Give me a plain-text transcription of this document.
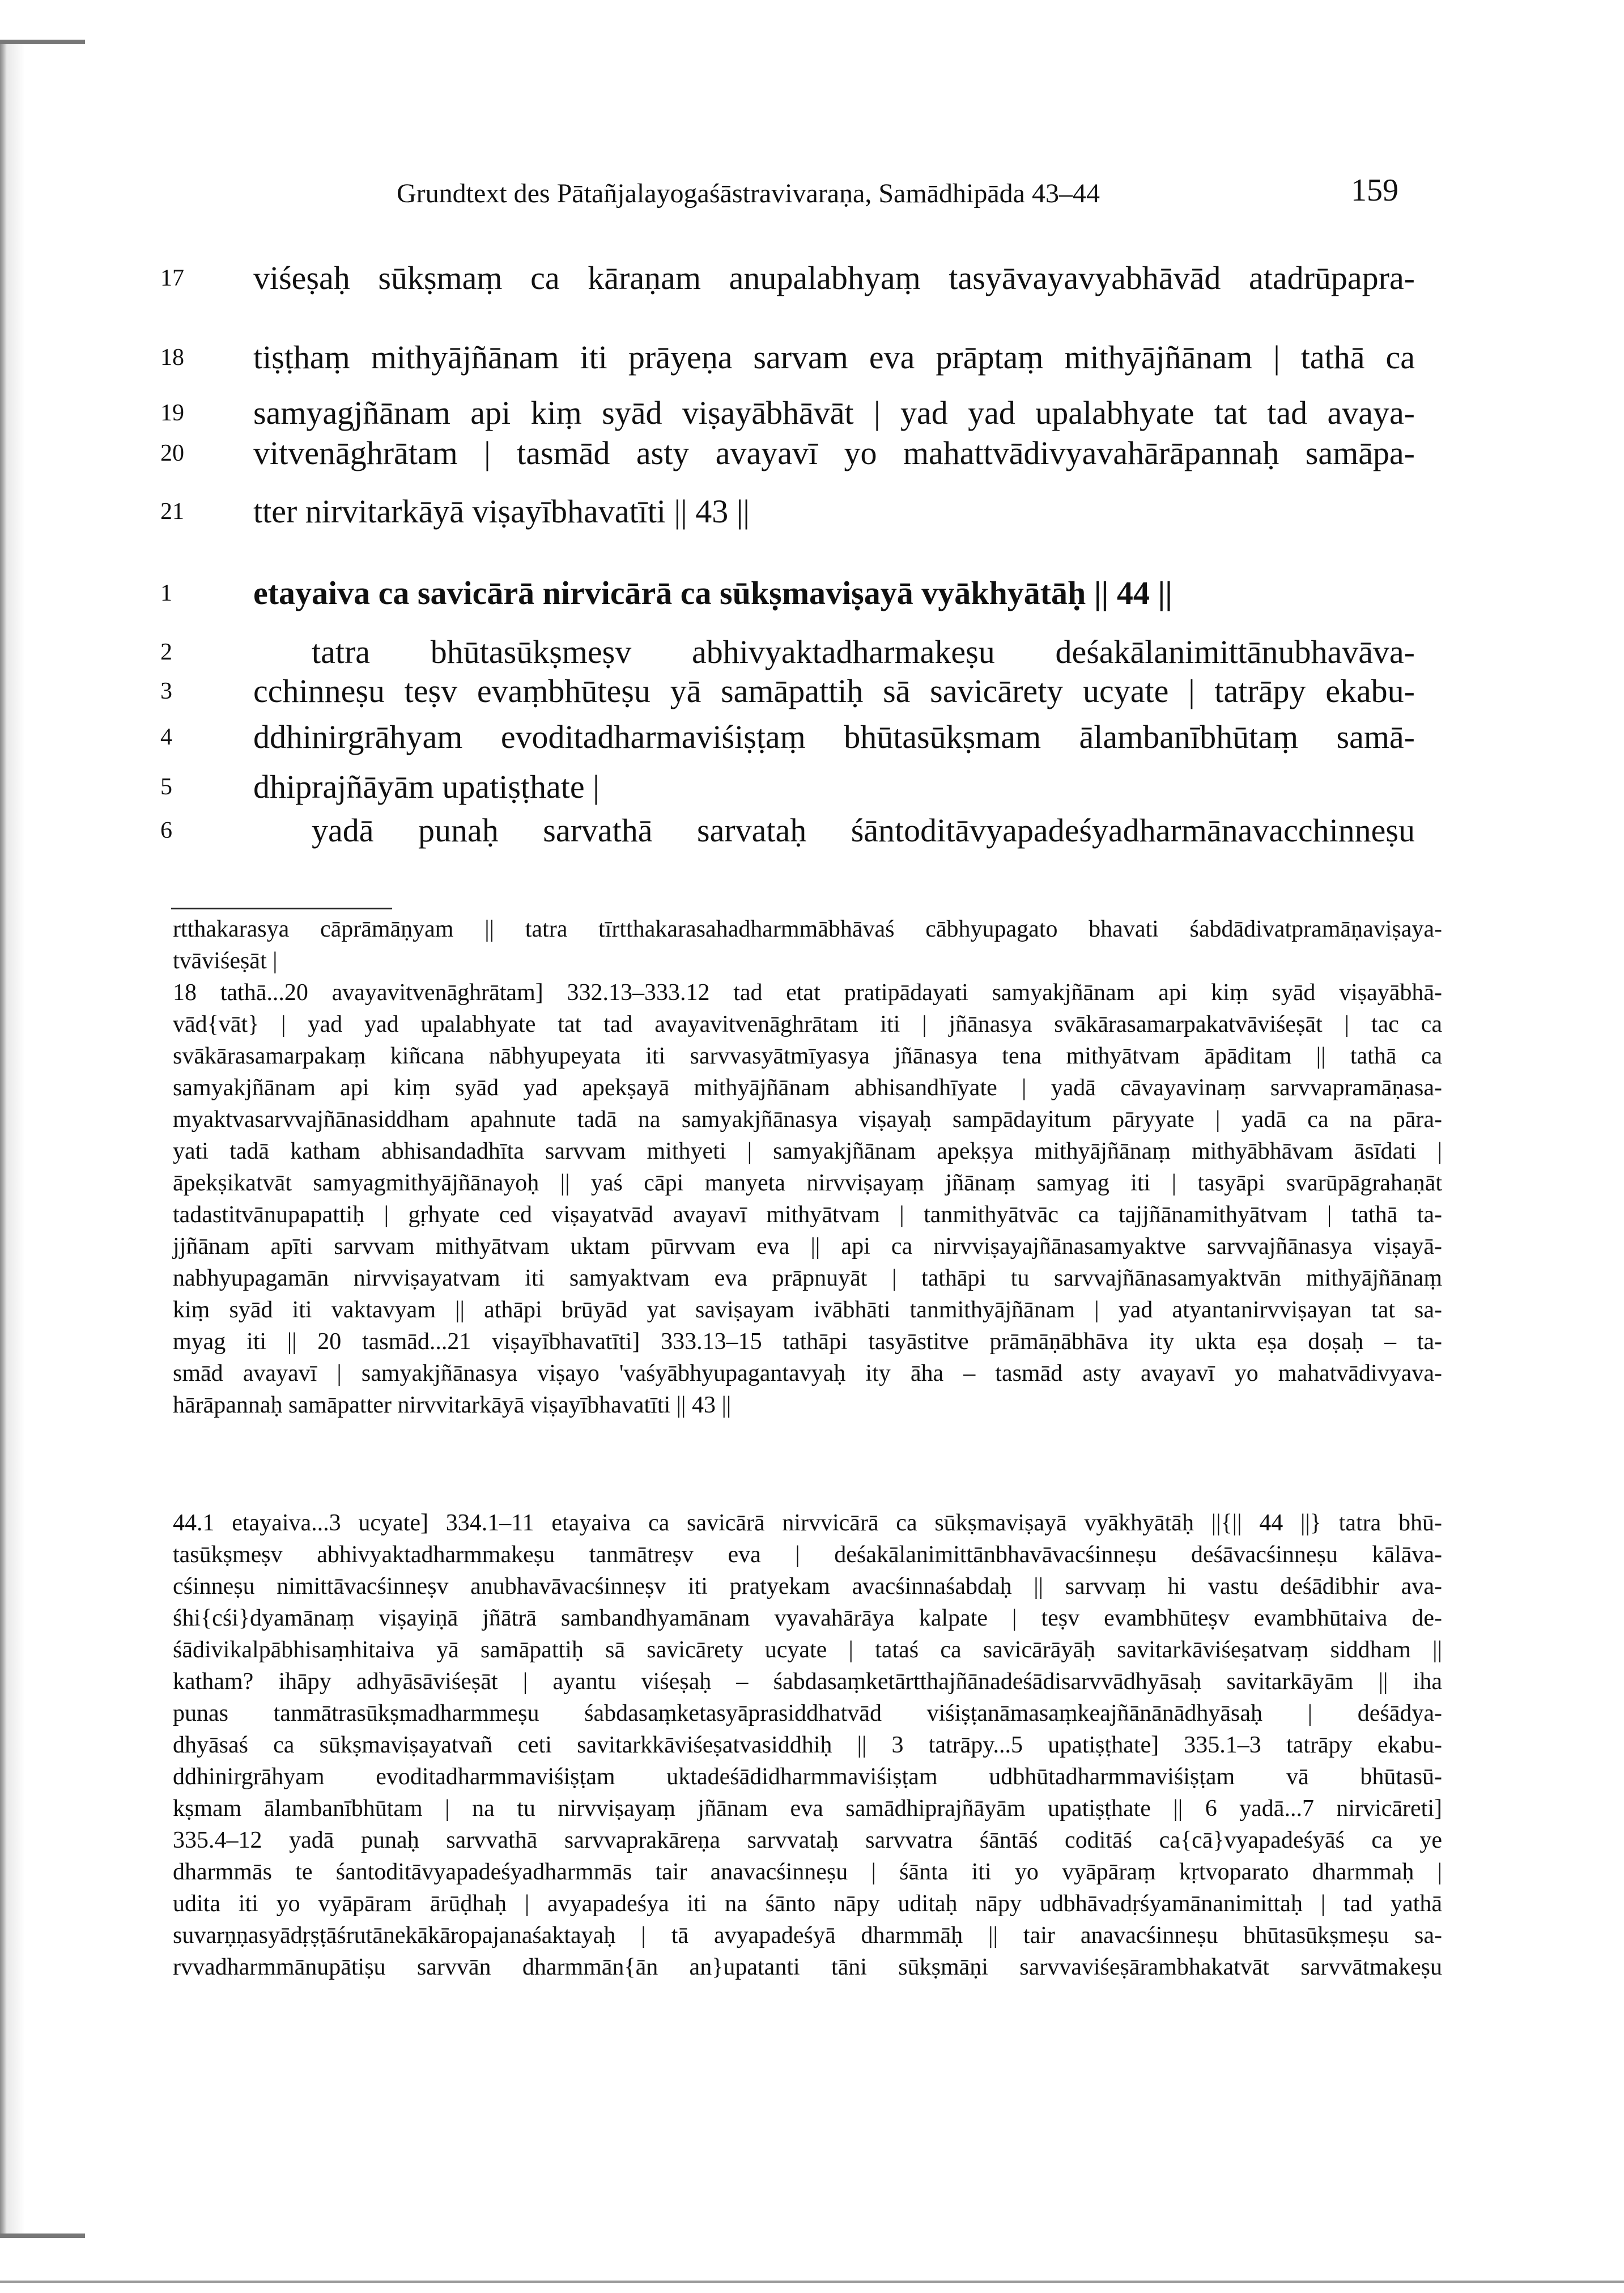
Grundtext des Pātañjalayogaśāstravivaraṇa, Samādhipāda 43–44	159
17	viśeṣaḥ sūkṣmaṃ ca kāraṇam anupalabhyaṃ tasyāvayavyabhāvād atadrūpapra-
18	tiṣṭhaṃ mithyājñānam iti prāyeṇa sarvam eva prāptaṃ mithyājñānam | tathā ca
19	samyagjñānam api kiṃ syād viṣayābhāvāt | yad yad upalabhyate tat tad avaya-
20	vitvenāghrātam | tasmād asty avayavī yo mahattvādivyavahārāpannaḥ samāpa-
21	tter nirvitarkāyā viṣayībhavatīti || 43 ||
1	etayaiva ca savicārā nirvicārā ca sūkṣmaviṣayā vyākhyātāḥ || 44 ||
2	tatra bhūtasūkṣmeṣv abhivyaktadharmakeṣu deśakālanimittānubhavāva-
3	cchinneṣu teṣv evaṃbhūteṣu yā samāpattiḥ sā savicārety ucyate | tatrāpy ekabu-
4	ddhinirgrāhyam evoditadharmaviśiṣṭaṃ bhūtasūkṣmam ālambanībhūtaṃ samā-
5	dhiprajñāyām upatiṣṭhate |
6	yadā punaḥ sarvathā sarvataḥ śāntoditāvyapadeśyadharmānavacchinneṣu
rtthakarasya cāprāmāṇyam || tatra tīrtthakarasahadharmmābhāvaś cābhyupagato bhavati śabdādivatpramāṇaviṣaya-
tvāviśeṣāt |
18 tathā...20 avayavitvenāghrātam] 332.13–333.12 tad etat pratipādayati samyakjñānam api kiṃ syād viṣayābhā-
vād{vāt} | yad yad upalabhyate tat tad avayavitvenāghrātam iti | jñānasya svākārasamarpakatvāviśeṣāt | tac ca
svākārasamarpakaṃ kiñcana nābhyupeyata iti sarvvasyātmīyasya jñānasya tena mithyātvam āpāditam || tathā ca
samyakjñānam api kiṃ syād yad apekṣayā mithyājñānam abhisandhīyate | yadā cāvayavinaṃ sarvvapramāṇasa-
myaktvasarvvajñānasiddham apahnute tadā na samyakjñānasya viṣayaḥ sampādayitum pāryyate | yadā ca na pāra-
yati tadā katham abhisandadhīta sarvvam mithyeti | samyakjñānam apekṣya mithyājñānaṃ mithyābhāvam āsīdati |
āpekṣikatvāt samyagmithyājñānayoḥ || yaś cāpi manyeta nirvviṣayaṃ jñānaṃ samyag iti | tasyāpi svarūpāgrahaṇāt
tadastitvānupapattiḥ | gṛhyate ced viṣayatvād avayavī mithyātvam | tanmithyātvāc ca tajjñānamithyātvam | tathā ta-
jjñānam apīti sarvvam mithyātvam uktam pūrvvam eva || api ca nirvviṣayajñānasamyaktve sarvvajñānasya viṣayā-
nabhyupagamān nirvviṣayatvam iti samyaktvam eva prāpnuyāt | tathāpi tu sarvvajñānasamyaktvān mithyājñānaṃ
kiṃ syād iti vaktavyam || athāpi brūyād yat saviṣayam ivābhāti tanmithyājñānam | yad atyantanirvviṣayan tat sa-
myag iti || 20 tasmād...21 viṣayībhavatīti] 333.13–15 tathāpi tasyāstitve prāmāṇābhāva ity ukta eṣa doṣaḥ – ta-
smād avayavī | samyakjñānasya viṣayo 'vaśyābhyupagantavyaḥ ity āha – tasmād asty avayavī yo mahatvādivyava-
hārāpannaḥ samāpatter nirvvitarkāyā viṣayībhavatīti || 43 ||
44.1 etayaiva...3 ucyate] 334.1–11 etayaiva ca savicārā nirvvicārā ca sūkṣmaviṣayā vyākhyātāḥ ||{|| 44 ||} tatra bhū-
tasūkṣmeṣv abhivyaktadharmmakeṣu tanmātreṣv eva | deśakālanimittānbhavāvacśinneṣu deśāvacśinneṣu kālāva-
cśinneṣu nimittāvacśinneṣv anubhavāvacśinneṣv iti pratyekam avacśinnaśabdaḥ || sarvvaṃ hi vastu deśādibhir ava-
śhi{cśi}dyamānaṃ viṣayiṇā jñātrā sambandhyamānam vyavahārāya kalpate | teṣv evambhūteṣv evambhūtaiva de-
śādivikalpābhisaṃhitaiva yā samāpattiḥ sā savicārety ucyate | tataś ca savicārāyāḥ savitarkāviśeṣatvaṃ siddham ||
katham? ihāpy adhyāsāviśeṣāt | ayantu viśeṣaḥ – śabdasaṃketārtthajñānadeśādisarvvādhyāsaḥ savitarkāyām || iha
punas tanmātrasūkṣmadharmmeṣu śabdasaṃketasyāprasiddhatvād viśiṣṭanāmasaṃkeajñānānādhyāsaḥ | deśādya-
dhyāsaś ca sūkṣmaviṣayatvañ ceti savitarkkāviśeṣatvasiddhiḥ || 3 tatrāpy...5 upatiṣṭhate] 335.1–3 tatrāpy ekabu-
ddhinirgrāhyam evoditadharmmaviśiṣṭam uktadeśādidharmmaviśiṣṭam udbhūtadharmmaviśiṣṭam vā bhūtasū-
kṣmam ālambanībhūtam | na tu nirvviṣayaṃ jñānam eva samādhiprajñāyām upatiṣṭhate || 6 yadā...7 nirvicāreti]
335.4–12 yadā punaḥ sarvvathā sarvvaprakāreṇa sarvvataḥ sarvvatra śāntāś coditāś ca{cā}vyapadeśyāś ca ye
dharmmās te śantoditāvyapadeśyadharmmās tair anavacśinneṣu | śānta iti yo vyāpāraṃ kṛtvoparato dharmmaḥ |
udita iti yo vyāpāram ārūḍhaḥ | avyapadeśya iti na śānto nāpy uditaḥ nāpy udbhāvadṛśyamānanimittaḥ | tad yathā
suvarṇṇasyādṛṣṭāśrutānekākāropajanaśaktayaḥ | tā avyapadeśyā dharmmāḥ || tair anavacśinneṣu bhūtasūkṣmeṣu sa-
rvvadharmmānupātiṣu sarvvān dharmmān{ān an}upatanti tāni sūkṣmāṇi sarvvaviśeṣārambhakatvāt sarvvātmakeṣu
